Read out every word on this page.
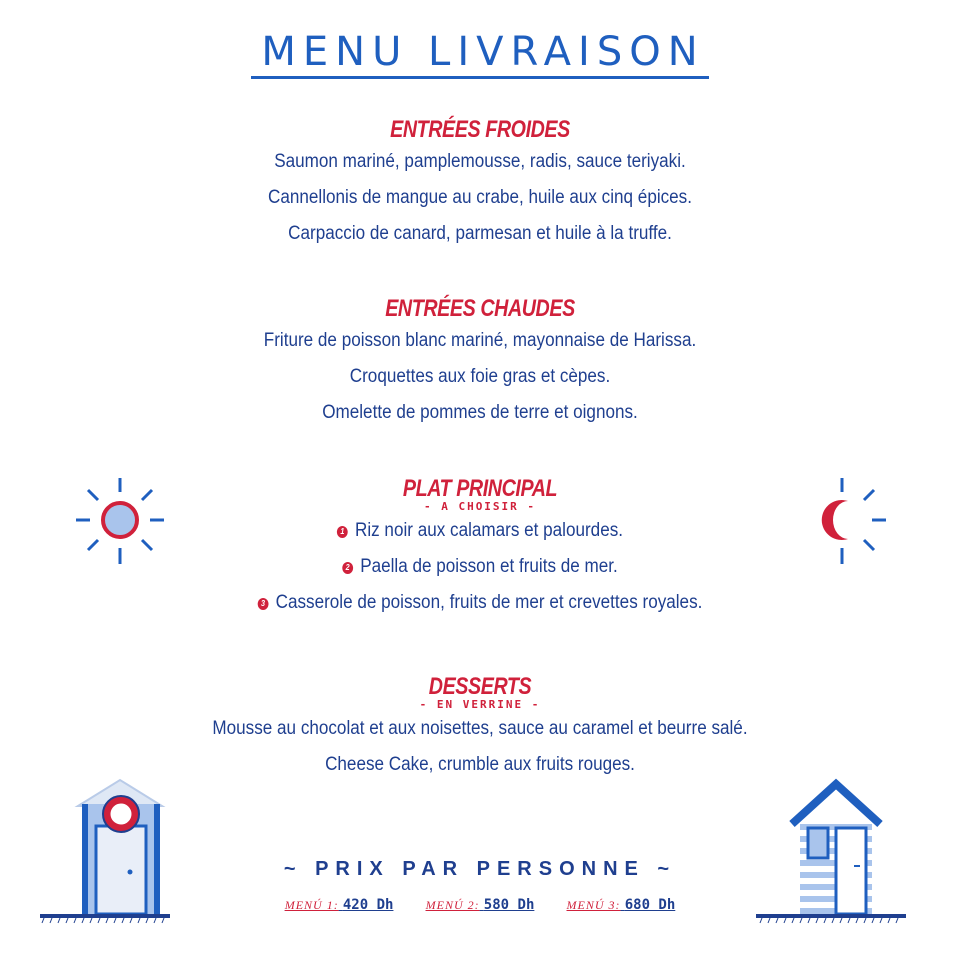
MENU LIVRAISON
ENTRÉES FROIDES
Saumon mariné, pamplemousse, radis, sauce teriyaki.
Cannellonis de mangue au crabe, huile aux cinq épices.
Carpaccio de canard, parmesan et huile à la truffe.
ENTRÉES CHAUDES
Friture de poisson blanc mariné, mayonnaise de Harissa.
Croquettes aux foie gras et cèpes.
Omelette de pommes de terre et oignons.
PLAT PRINCIPAL
- A CHOISIR -
1 Riz noir aux calamars et palourdes.
2 Paella de poisson et fruits de mer.
3 Casserole de poisson, fruits de mer et crevettes royales.
DESSERTS
- EN VERRINE -
Mousse au chocolat et aux noisettes, sauce au caramel et beurre salé.
Cheese Cake, crumble aux fruits rouges.
~ PRIX PAR PERSONNE ~
MENÚ 1: 420 Dh	MENÚ 2: 580 Dh	MENÚ 3: 680 Dh
